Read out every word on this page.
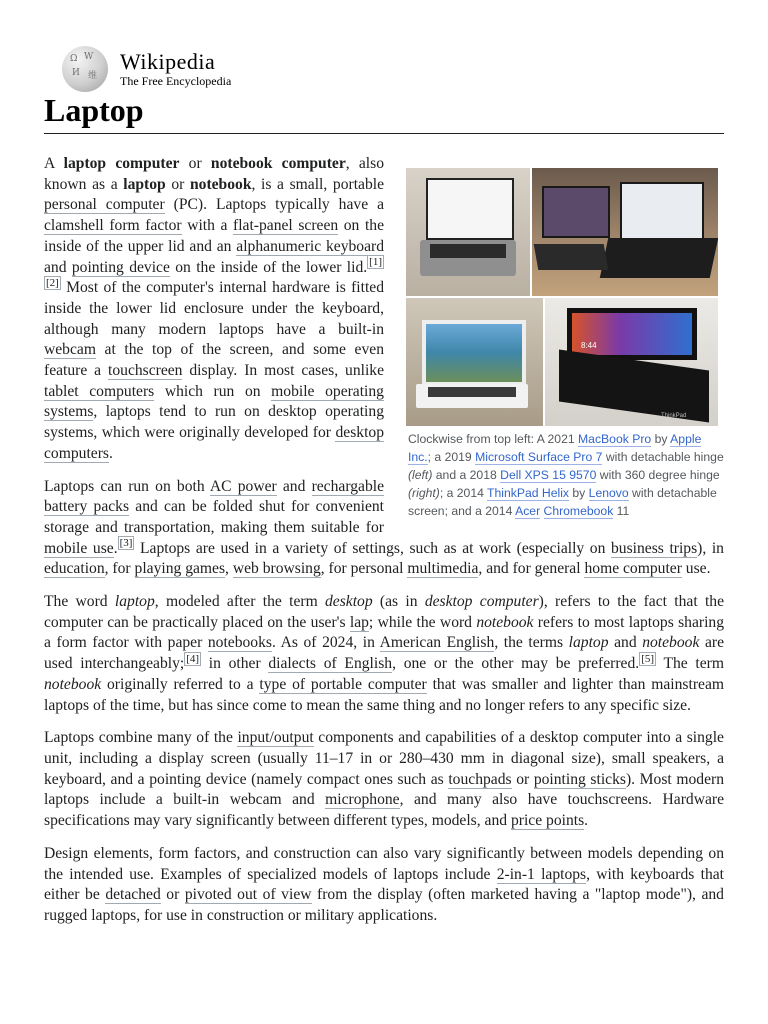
Ω W
И 维
Wikipedia
The Free Encyclopedia
Laptop
8:44
ThinkPad
Clockwise from top left: A 2021 MacBook Pro by Apple Inc.; a 2019 Microsoft Surface Pro 7 with detachable hinge (left) and a 2018 Dell XPS 15 9570 with 360 degree hinge (right); a 2014 ThinkPad Helix by Lenovo with detachable screen; and a 2014 Acer Chromebook 11

A laptop computer or notebook computer, also known as a laptop or notebook, is a small, portable personal computer (PC). Laptops typically have a clamshell form factor with a flat-panel screen on the inside of the upper lid and an alphanumeric keyboard and pointing device on the inside of the lower lid. [1][2] Most of the computer's internal hardware is fitted inside the lower lid enclosure under the keyboard, although many modern laptops have a built-in webcam at the top of the screen, and some even feature a touchscreen display. In most cases, unlike tablet computers which run on mobile operating systems, laptops tend to run on desktop operating systems, which were originally developed for desktop computers.

Laptops can run on both AC power and rechargable battery packs and can be folded shut for convenient storage and transportation, making them suitable for mobile use. [3] Laptops are used in a variety of settings, such as at work (especially on business trips), in education, for playing games, web browsing, for personal multimedia, and for general home computer use.

The word laptop, modeled after the term desktop (as in desktop computer), refers to the fact that the computer can be practically placed on the user's lap; while the word notebook refers to most laptops sharing a form factor with paper notebooks. As of 2024, in American English, the terms laptop and notebook are used interchangeably; [4] in other dialects of English, one or the other may be preferred. [5] The term notebook originally referred to a type of portable computer that was smaller and lighter than mainstream laptops of the time, but has since come to mean the same thing and no longer refers to any specific size.

Laptops combine many of the input/output components and capabilities of a desktop computer into a single unit, including a display screen (usually 11–17 in or 280–430 mm in diagonal size), small speakers, a keyboard, and a pointing device (namely compact ones such as touchpads or pointing sticks). Most modern laptops include a built-in webcam and microphone, and many also have touchscreens. Hardware specifications may vary significantly between different types, models, and price points.

Design elements, form factors, and construction can also vary significantly between models depending on the intended use. Examples of specialized models of laptops include 2-in-1 laptops, with keyboards that either be detached or pivoted out of view from the display (often marketed having a "laptop mode"), and rugged laptops, for use in construction or military applications.
